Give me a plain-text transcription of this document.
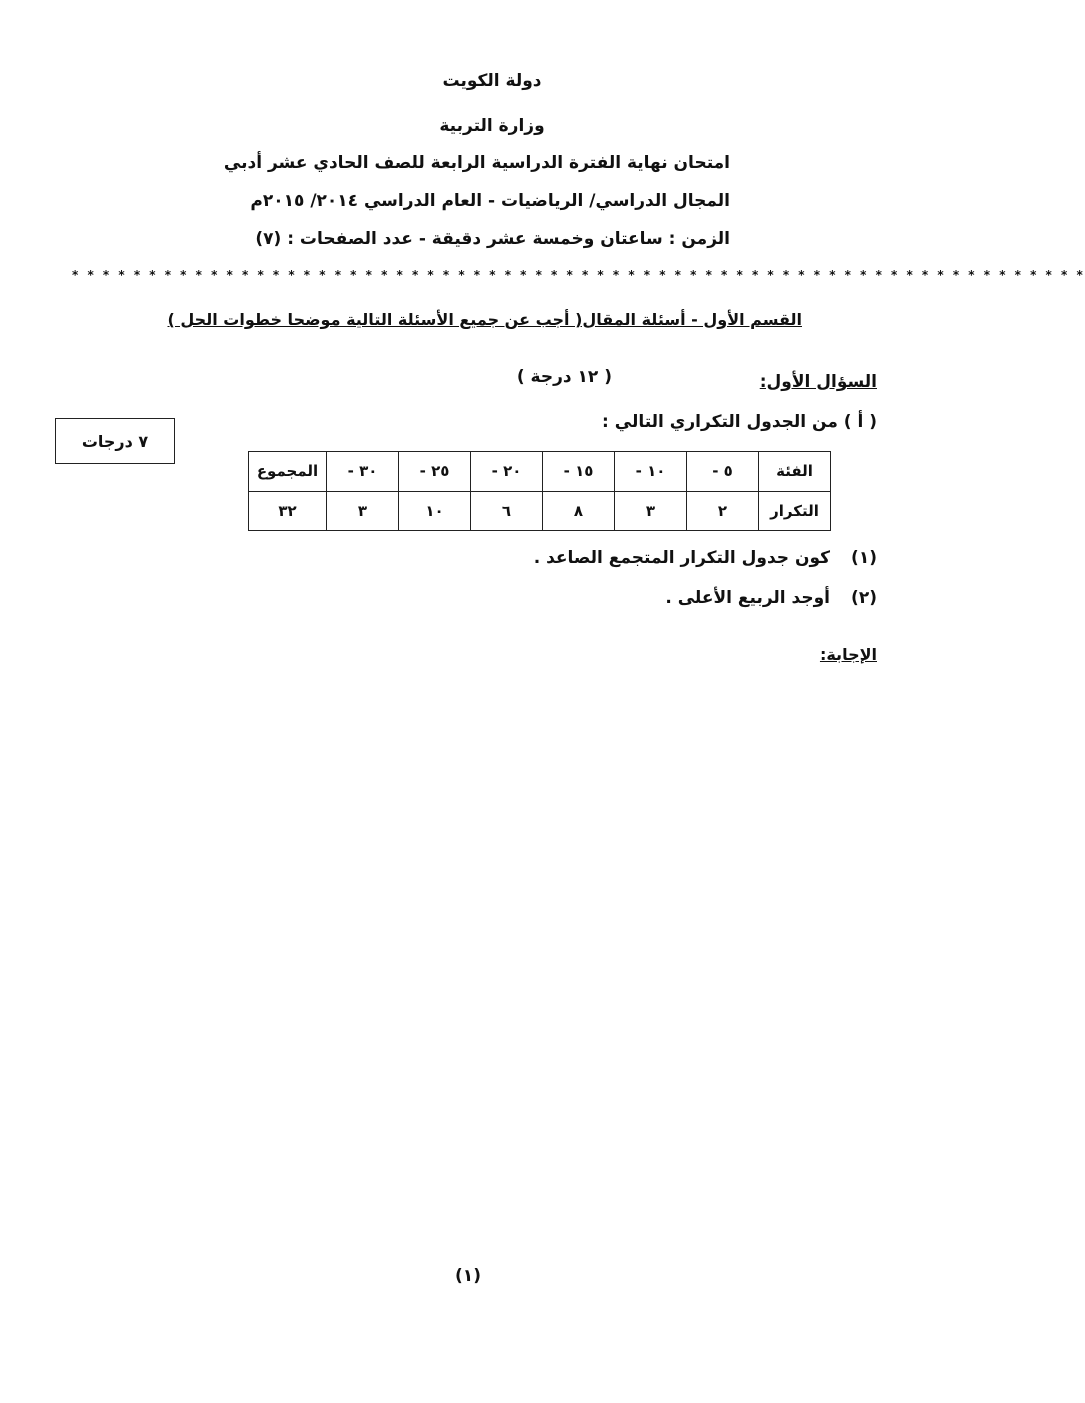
دولة الكويت
وزارة التربية
امتحان نهاية الفترة الدراسية الرابعة للصف الحادي عشر أدبي
المجال الدراسي/ الرياضيات - العام الدراسي ٢٠١٤/ ٢٠١٥م
الزمن : ساعتان وخمسة عشر دقيقة - عدد الصفحات : (٧)
* * * * * * * * * * * * * * * * * * * * * * * * * * * * * * * * * * * * * * * * * * * * * * * * * * * * * * * * * * * * * * * * * *
القسم الأول - أسئلة المقال( أجب عن جميع الأسئلة التالية موضحا خطوات الحل )
السؤال الأول:
( ١٢ درجة )
( أ ) من الجدول التكراري التالي :
٧ درجات
الفئة	٥ -	١٠ -	١٥ -	٢٠ -	٢٥ -	٣٠ -	المجموع
التكرار	٢	٣	٨	٦	١٠	٣	٣٢
(١)
كون جدول التكرار المتجمع الصاعد .
(٢)
أوجد الربيع الأعلى .
الإجابة:
(١)
